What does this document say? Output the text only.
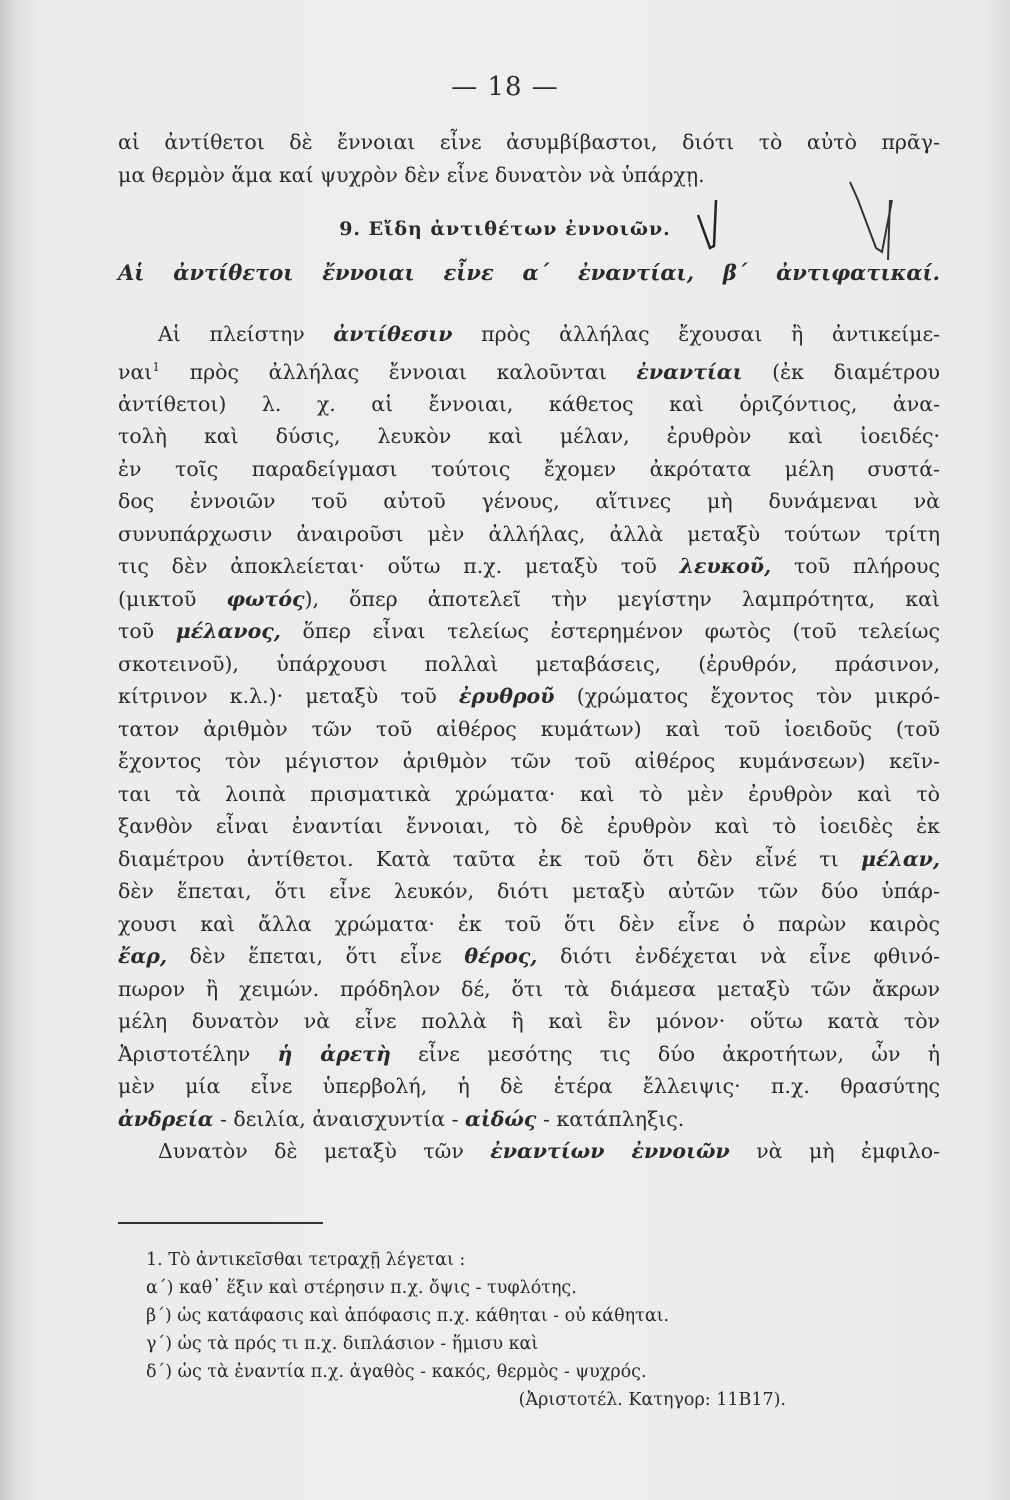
— 18 —
αἱ ἀντίθετοι δὲ ἔννοιαι εἶνε ἀσυμβίβαστοι, διότι τὸ αὐτὸ πρᾶγ-
μα θερμὸν ἅμα καί ψυχρὸν δὲν εἶνε δυνατὸν νὰ ὑπάρχῃ.
9. Εἴδη ἀντιθέτων ἐννοιῶν.
Αἱ ἀντίθετοι ἔννοιαι εἶνε α΄ ἐναντίαι, β΄ ἀντιφατικαί.
Αἱ πλείστην ἀντίθεσιν πρὸς ἀλλήλας ἔχουσαι ἢ ἀντικείμε-
ναι$^1$ πρὸς ἀλλήλας ἔννοιαι καλοῦνται ἐναντίαι (ἐκ διαμέτρου
ἀντίθετοι) λ. χ. αἱ ἔννοιαι, κάθετος καὶ ὁριζόντιος, ἀνα-
τολὴ καὶ δύσις, λευκὸν καὶ μέλαν, ἐρυθρὸν καὶ ἰοειδές·
ἐν τοῖς παραδείγμασι τούτοις ἔχομεν ἀκρότατα μέλη συστά-
δος ἐννοιῶν τοῦ αὐτοῦ γένους, αἵτινες μὴ δυνάμεναι νὰ
συνυπάρχωσιν ἀναιροῦσι μὲν ἀλλήλας, ἀλλὰ μεταξὺ τούτων τρίτη
τις δὲν ἀποκλείεται· οὕτω π.χ. μεταξὺ τοῦ λευκοῦ, τοῦ πλήρους
(μικτοῦ φωτός), ὅπερ ἀποτελεῖ τὴν μεγίστην λαμπρότητα, καὶ
τοῦ μέλανος, ὅπερ εἶναι τελείως ἐστερημένον φωτὸς (τοῦ τελείως
σκοτεινοῦ), ὑπάρχουσι πολλαὶ μεταβάσεις, (ἐρυθρόν, πράσινον,
κίτρινον κ.λ.)· μεταξὺ τοῦ ἐρυθροῦ (χρώματος ἔχοντος τὸν μικρό-
τατον ἀριθμὸν τῶν τοῦ αἰθέρος κυμάτων) καὶ τοῦ ἰοειδοῦς (τοῦ
ἔχοντος τὸν μέγιστον ἀριθμὸν τῶν τοῦ αἰθέρος κυμάνσεων) κεῖν-
ται τὰ λοιπὰ πρισματικὰ χρώματα· καὶ τὸ μὲν ἐρυθρὸν καὶ τὸ
ξανθὸν εἶναι ἐναντίαι ἔννοιαι, τὸ δὲ ἐρυθρὸν καὶ τὸ ἰοειδὲς ἐκ
διαμέτρου ἀντίθετοι. Κατὰ ταῦτα ἐκ τοῦ ὅτι δὲν εἶνέ τι μέλαν,
δὲν ἕπεται, ὅτι εἶνε λευκόν, διότι μεταξὺ αὐτῶν τῶν δύο ὑπάρ-
χουσι καὶ ἄλλα χρώματα· ἐκ τοῦ ὅτι δὲν εἶνε ὁ παρὼν καιρὸς
ἔαρ, δὲν ἕπεται, ὅτι εἶνε θέρος, διότι ἐνδέχεται νὰ εἶνε φθινό-
πωρον ἢ χειμών. πρόδηλον δέ, ὅτι τὰ διάμεσα μεταξὺ τῶν ἄκρων
μέλη δυνατὸν νὰ εἶνε πολλὰ ἢ καὶ ἓν μόνον· οὕτω κατὰ τὸν
Ἀριστοτέλην ἡ ἀρετὴ εἶνε μεσότης τις δύο ἀκροτήτων, ὧν ἡ
μὲν μία εἶνε ὑπερβολή, ἡ δὲ ἑτέρα ἔλλειψις· π.χ. θρασύτης
ἀνδρεία - δειλία, ἀναισχυντία - αἰδώς - κατάπληξις.
Δυνατὸν δὲ μεταξὺ τῶν ἐναντίων ἐννοιῶν νὰ μὴ ἐμφιλο-
1. Τὸ ἀντικεῖσθαι τετραχῇ λέγεται :
α΄) καθ᾽ ἕξιν καὶ στέρησιν π.χ. ὄψις - τυφλότης.
β΄) ὡς κατάφασις καὶ ἀπόφασις π.χ. κάθηται - οὐ κάθηται.
γ΄) ὡς τὰ πρός τι π.χ. διπλάσιον - ἥμισυ καὶ
δ΄) ὡς τὰ ἐναντία π.χ. ἀγαθὸς - κακός, θερμὸς - ψυχρός.
(Ἀριστοτέλ. Κατηγορ: 11B17).
